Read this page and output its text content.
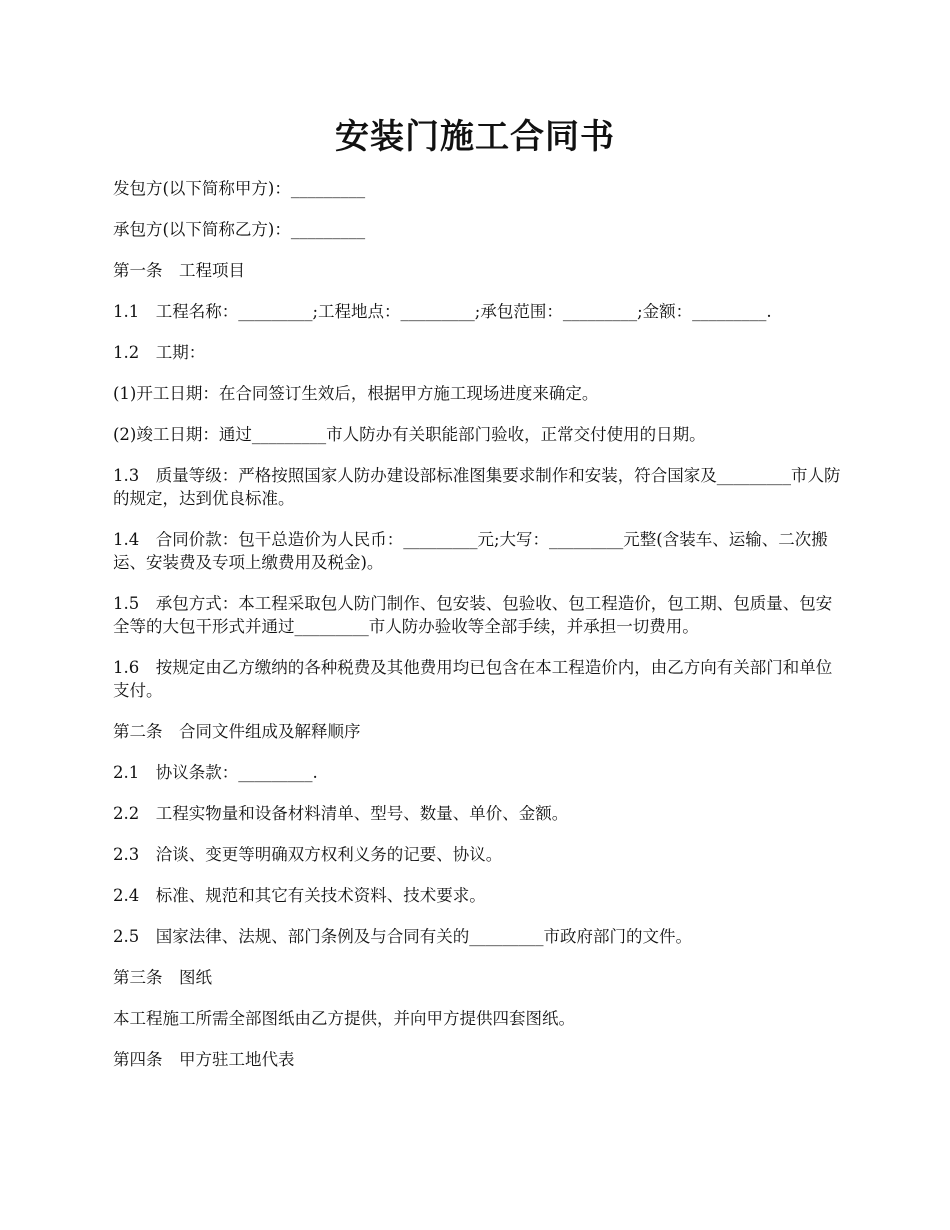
安装门施工合同书

发包方(以下简称甲方)：_________

承包方(以下简称乙方)：_________

第一条　工程项目

1.1　工程名称：_________;工程地点：_________;承包范围：_________;金额：_________.

1.2　工期：

(1)开工日期：在合同签订生效后，根据甲方施工现场进度来确定。

(2)竣工日期：通过_________市人防办有关职能部门验收，正常交付使用的日期。

1.3　质量等级：严格按照国家人防办建设部标准图集要求制作和安装，符合国家及_________市人防的规定，达到优良标准。

1.4　合同价款：包干总造价为人民币：_________元;大写：_________元整(含装车、运输、二次搬运、安装费及专项上缴费用及税金)。

1.5　承包方式：本工程采取包人防门制作、包安装、包验收、包工程造价，包工期、包质量、包安全等的大包干形式并通过_________市人防办验收等全部手续，并承担一切费用。

1.6　按规定由乙方缴纳的各种税费及其他费用均已包含在本工程造价内，由乙方向有关部门和单位支付。

第二条　合同文件组成及解释顺序

2.1　协议条款：_________.

2.2　工程实物量和设备材料清单、型号、数量、单价、金额。

2.3　洽谈、变更等明确双方权利义务的记要、协议。

2.4　标准、规范和其它有关技术资料、技术要求。

2.5　国家法律、法规、部门条例及与合同有关的_________市政府部门的文件。

第三条　图纸

本工程施工所需全部图纸由乙方提供，并向甲方提供四套图纸。

第四条　甲方驻工地代表
